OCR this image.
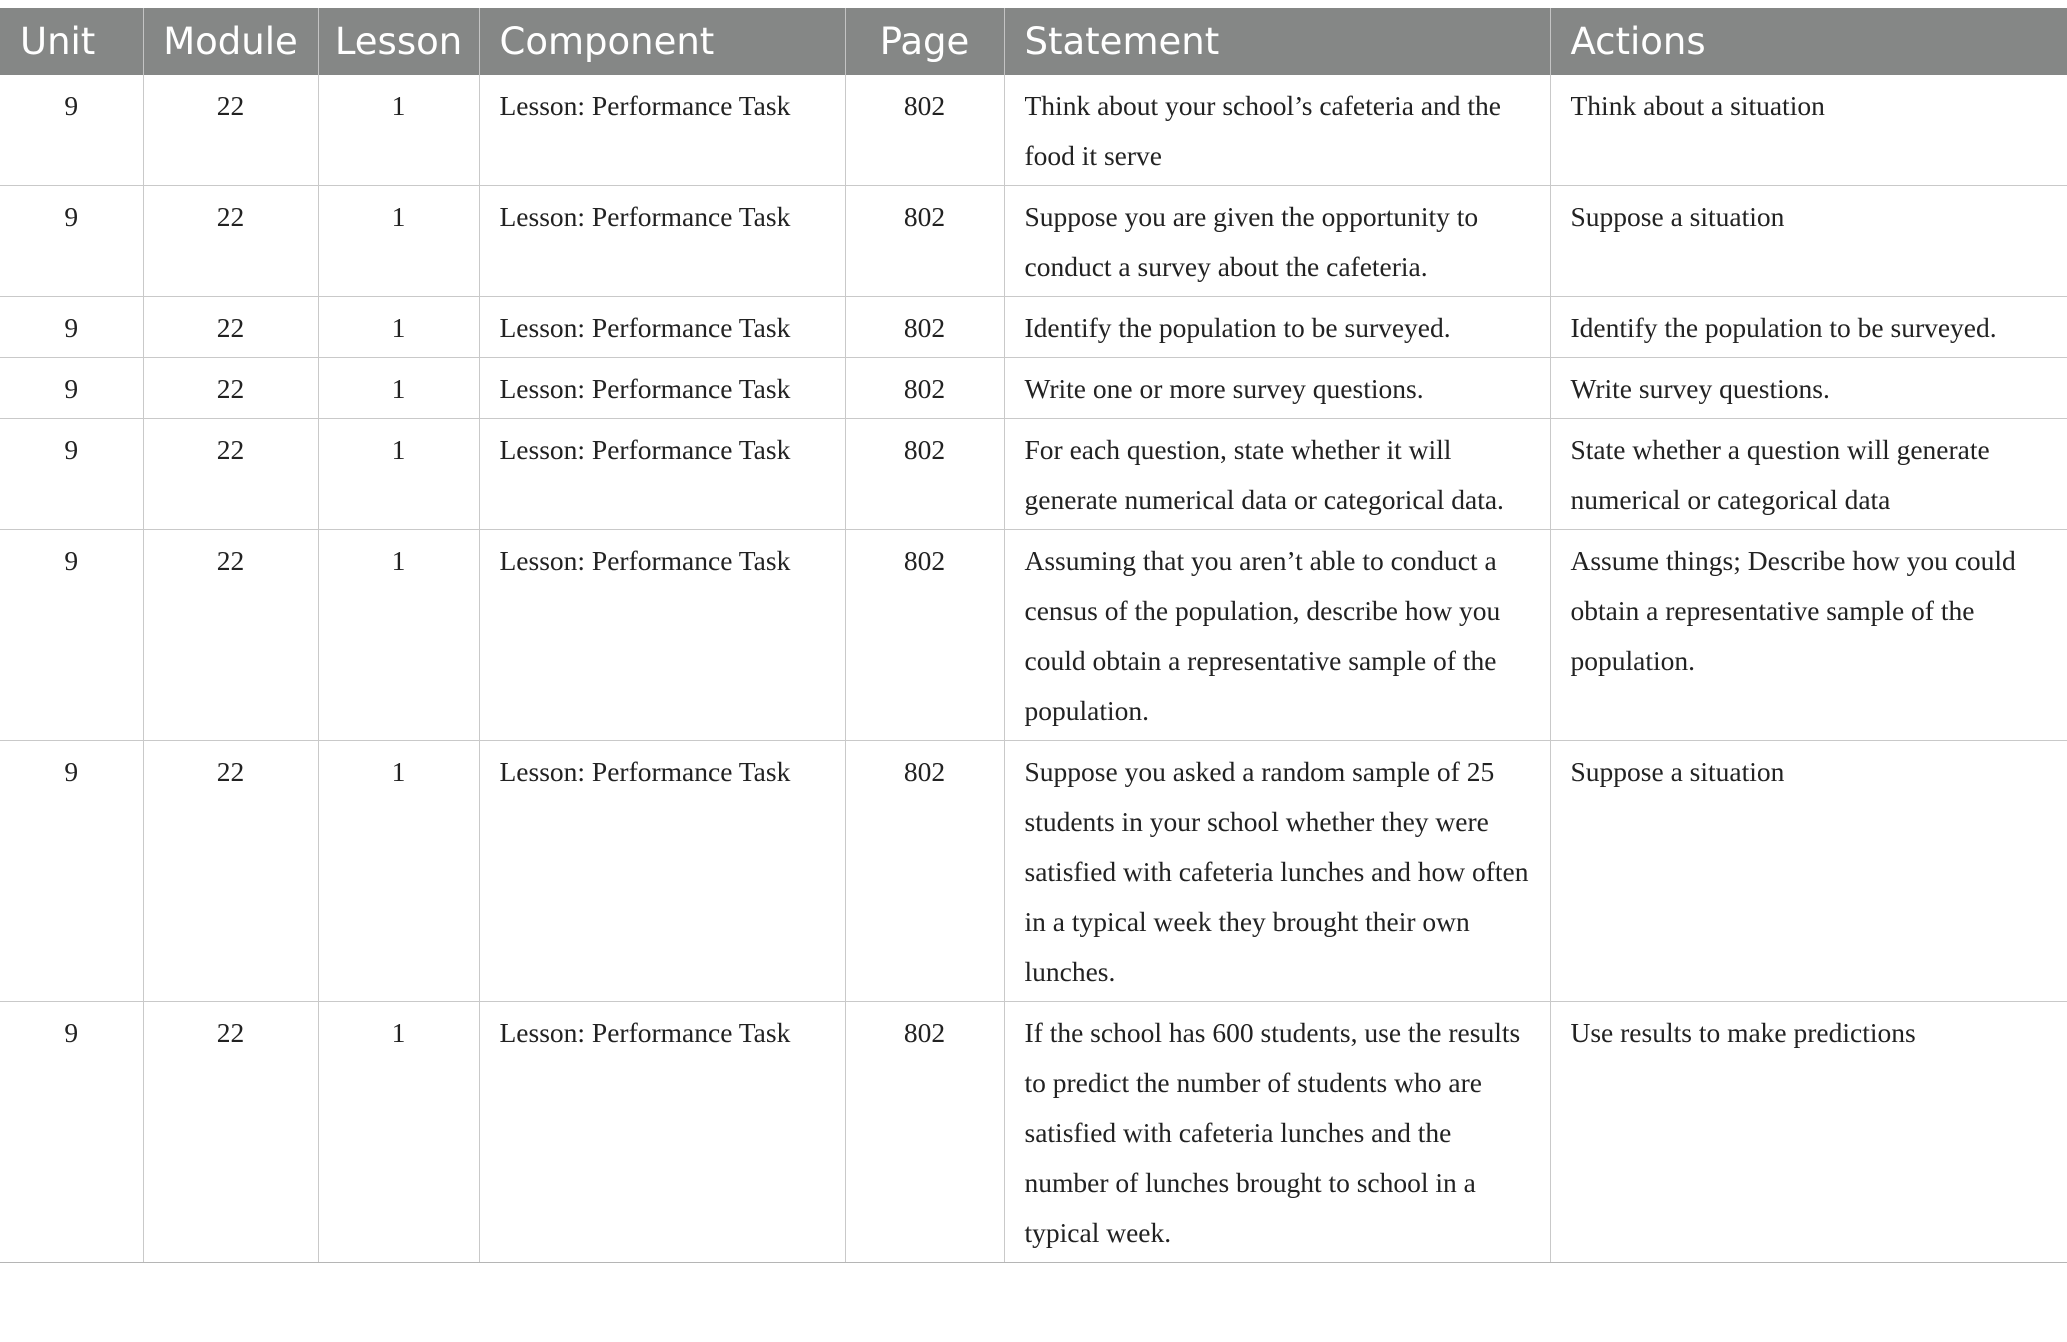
Unit	Module	Lesson	Component	Page	Statement	Actions
9	22	1	Lesson: Performance Task	802	Think about your school’s cafeteria and the food it serve	Think about a situation
9	22	1	Lesson: Performance Task	802	Suppose you are given the opportunity to conduct a survey about the cafeteria.	Suppose a situation
9	22	1	Lesson: Performance Task	802	Identify the population to be surveyed.	Identify the population to be surveyed.
9	22	1	Lesson: Performance Task	802	Write one or more survey questions.	Write survey questions.
9	22	1	Lesson: Performance Task	802	For each question, state whether it will generate numerical data or categorical data.	State whether a question will generate numerical or categorical data
9	22	1	Lesson: Performance Task	802	Assuming that you aren’t able to conduct a census of the population, describe how you could obtain a representative sample of the population.	Assume things; Describe how you could obtain a representative sample of the population.
9	22	1	Lesson: Performance Task	802	Suppose you asked a random sample of 25 students in your school whether they were satisfied with cafeteria lunches and how often in a typical week they brought their own lunches.	Suppose a situation
9	22	1	Lesson: Performance Task	802	If the school has 600 students, use the results to predict the number of students who are satisfied with cafeteria lunches and the number of lunches brought to school in a typical week.	Use results to make predictions
